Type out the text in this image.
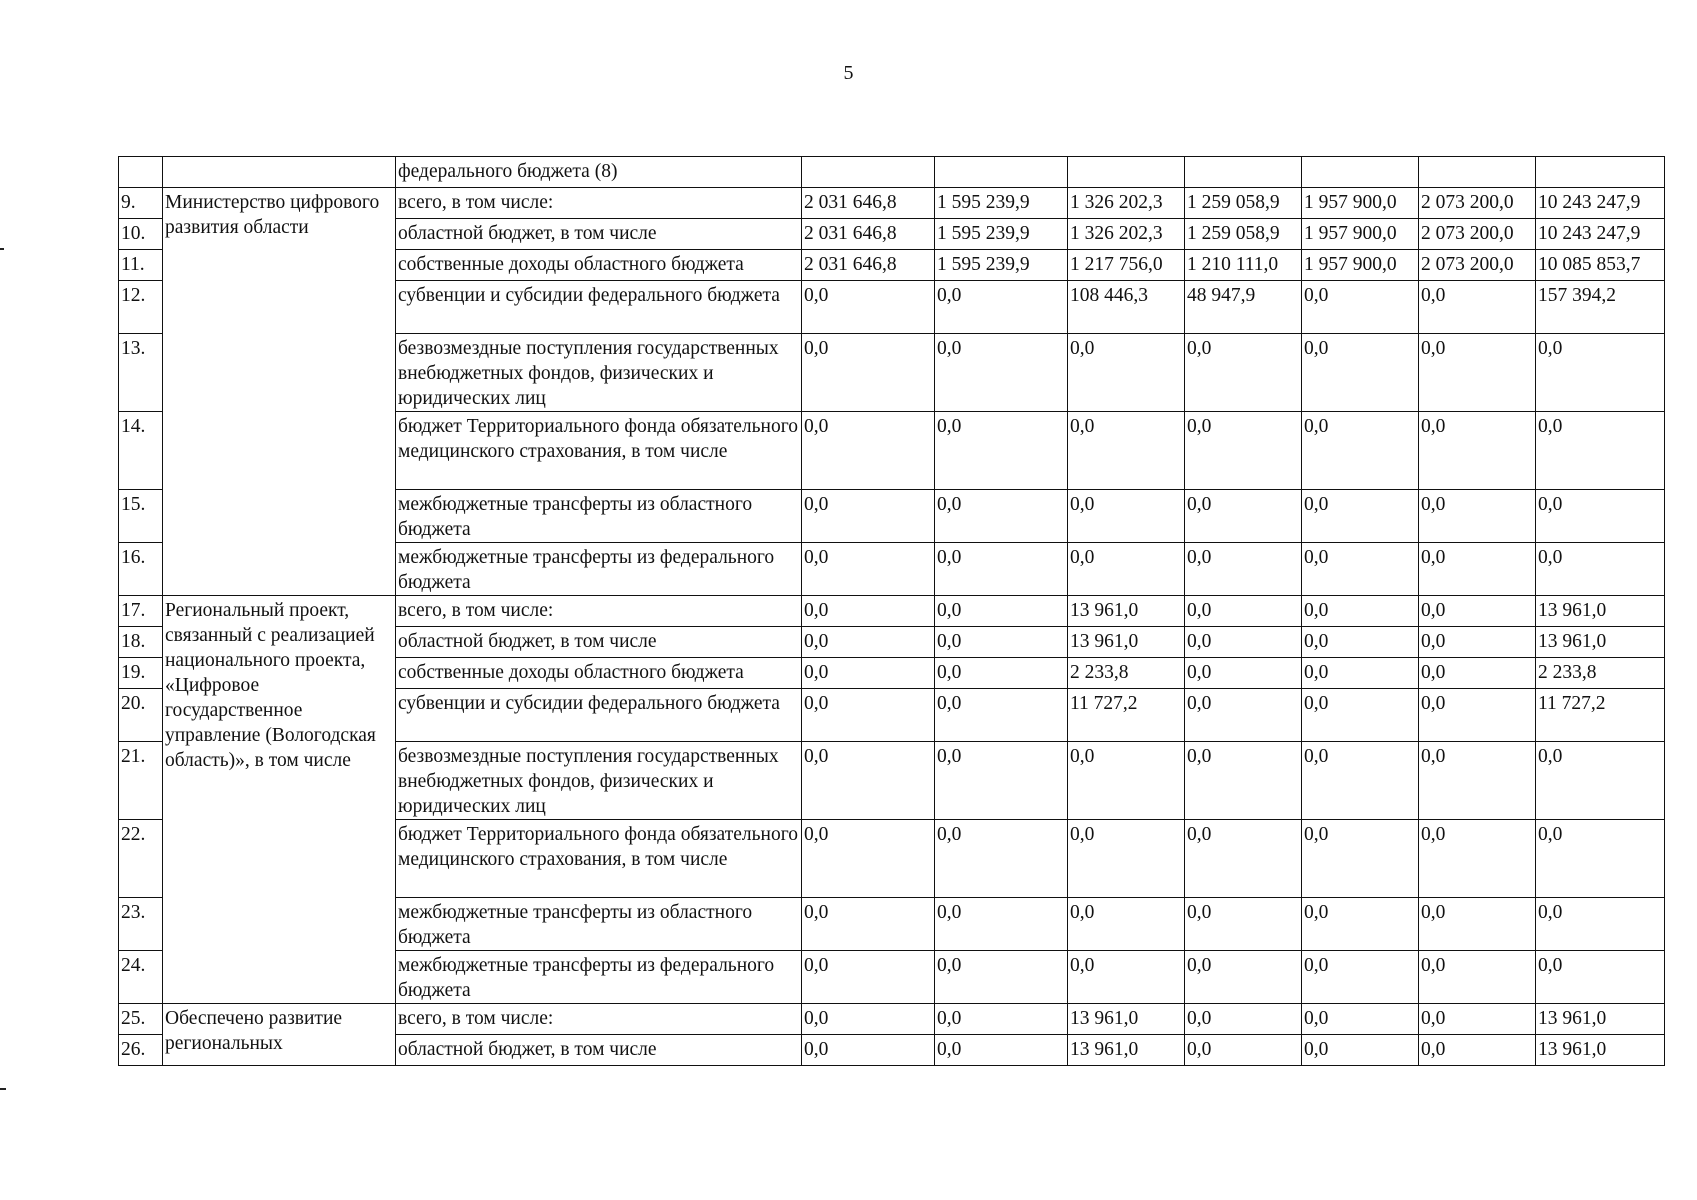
5
		федерального бюджета (8)							
9.	Министерство цифрового развития области	всего, в том числе:	2 031 646,8	1 595 239,9	1 326 202,3	1 259 058,9	1 957 900,0	2 073 200,0	10 243 247,9
10.		областной бюджет, в том числе	2 031 646,8	1 595 239,9	1 326 202,3	1 259 058,9	1 957 900,0	2 073 200,0	10 243 247,9
11.		собственные доходы областного бюджета	2 031 646,8	1 595 239,9	1 217 756,0	1 210 111,0	1 957 900,0	2 073 200,0	10 085 853,7
12.		субвенции и субсидии федерального бюджета	0,0	0,0	108 446,3	48 947,9	0,0	0,0	157 394,2
13.		безвозмездные поступления государственных внебюджетных фондов, физических и юридических лиц	0,0	0,0	0,0	0,0	0,0	0,0	0,0
14.		бюджет Территориального фонда обязательного медицинского страхования, в том числе	0,0	0,0	0,0	0,0	0,0	0,0	0,0
15.		межбюджетные трансферты из областного бюджета	0,0	0,0	0,0	0,0	0,0	0,0	0,0
16.		межбюджетные трансферты из федерального бюджета	0,0	0,0	0,0	0,0	0,0	0,0	0,0
17.	Региональный проект, связанный с реализацией национального проекта, «Цифровое государственное управление (Вологодская область)», в том числе	всего, в том числе:	0,0	0,0	13 961,0	0,0	0,0	0,0	13 961,0
18.		областной бюджет, в том числе	0,0	0,0	13 961,0	0,0	0,0	0,0	13 961,0
19.		собственные доходы областного бюджета	0,0	0,0	2 233,8	0,0	0,0	0,0	2 233,8
20.		субвенции и субсидии федерального бюджета	0,0	0,0	11 727,2	0,0	0,0	0,0	11 727,2
21.		безвозмездные поступления государственных внебюджетных фондов, физических и юридических лиц	0,0	0,0	0,0	0,0	0,0	0,0	0,0
22.		бюджет Территориального фонда обязательного медицинского страхования, в том числе	0,0	0,0	0,0	0,0	0,0	0,0	0,0
23.		межбюджетные трансферты из областного бюджета	0,0	0,0	0,0	0,0	0,0	0,0	0,0
24.		межбюджетные трансферты из федерального бюджета	0,0	0,0	0,0	0,0	0,0	0,0	0,0
25.	Обеспечено развитие региональных	всего, в том числе:	0,0	0,0	13 961,0	0,0	0,0	0,0	13 961,0
26.		областной бюджет, в том числе	0,0	0,0	13 961,0	0,0	0,0	0,0	13 961,0
